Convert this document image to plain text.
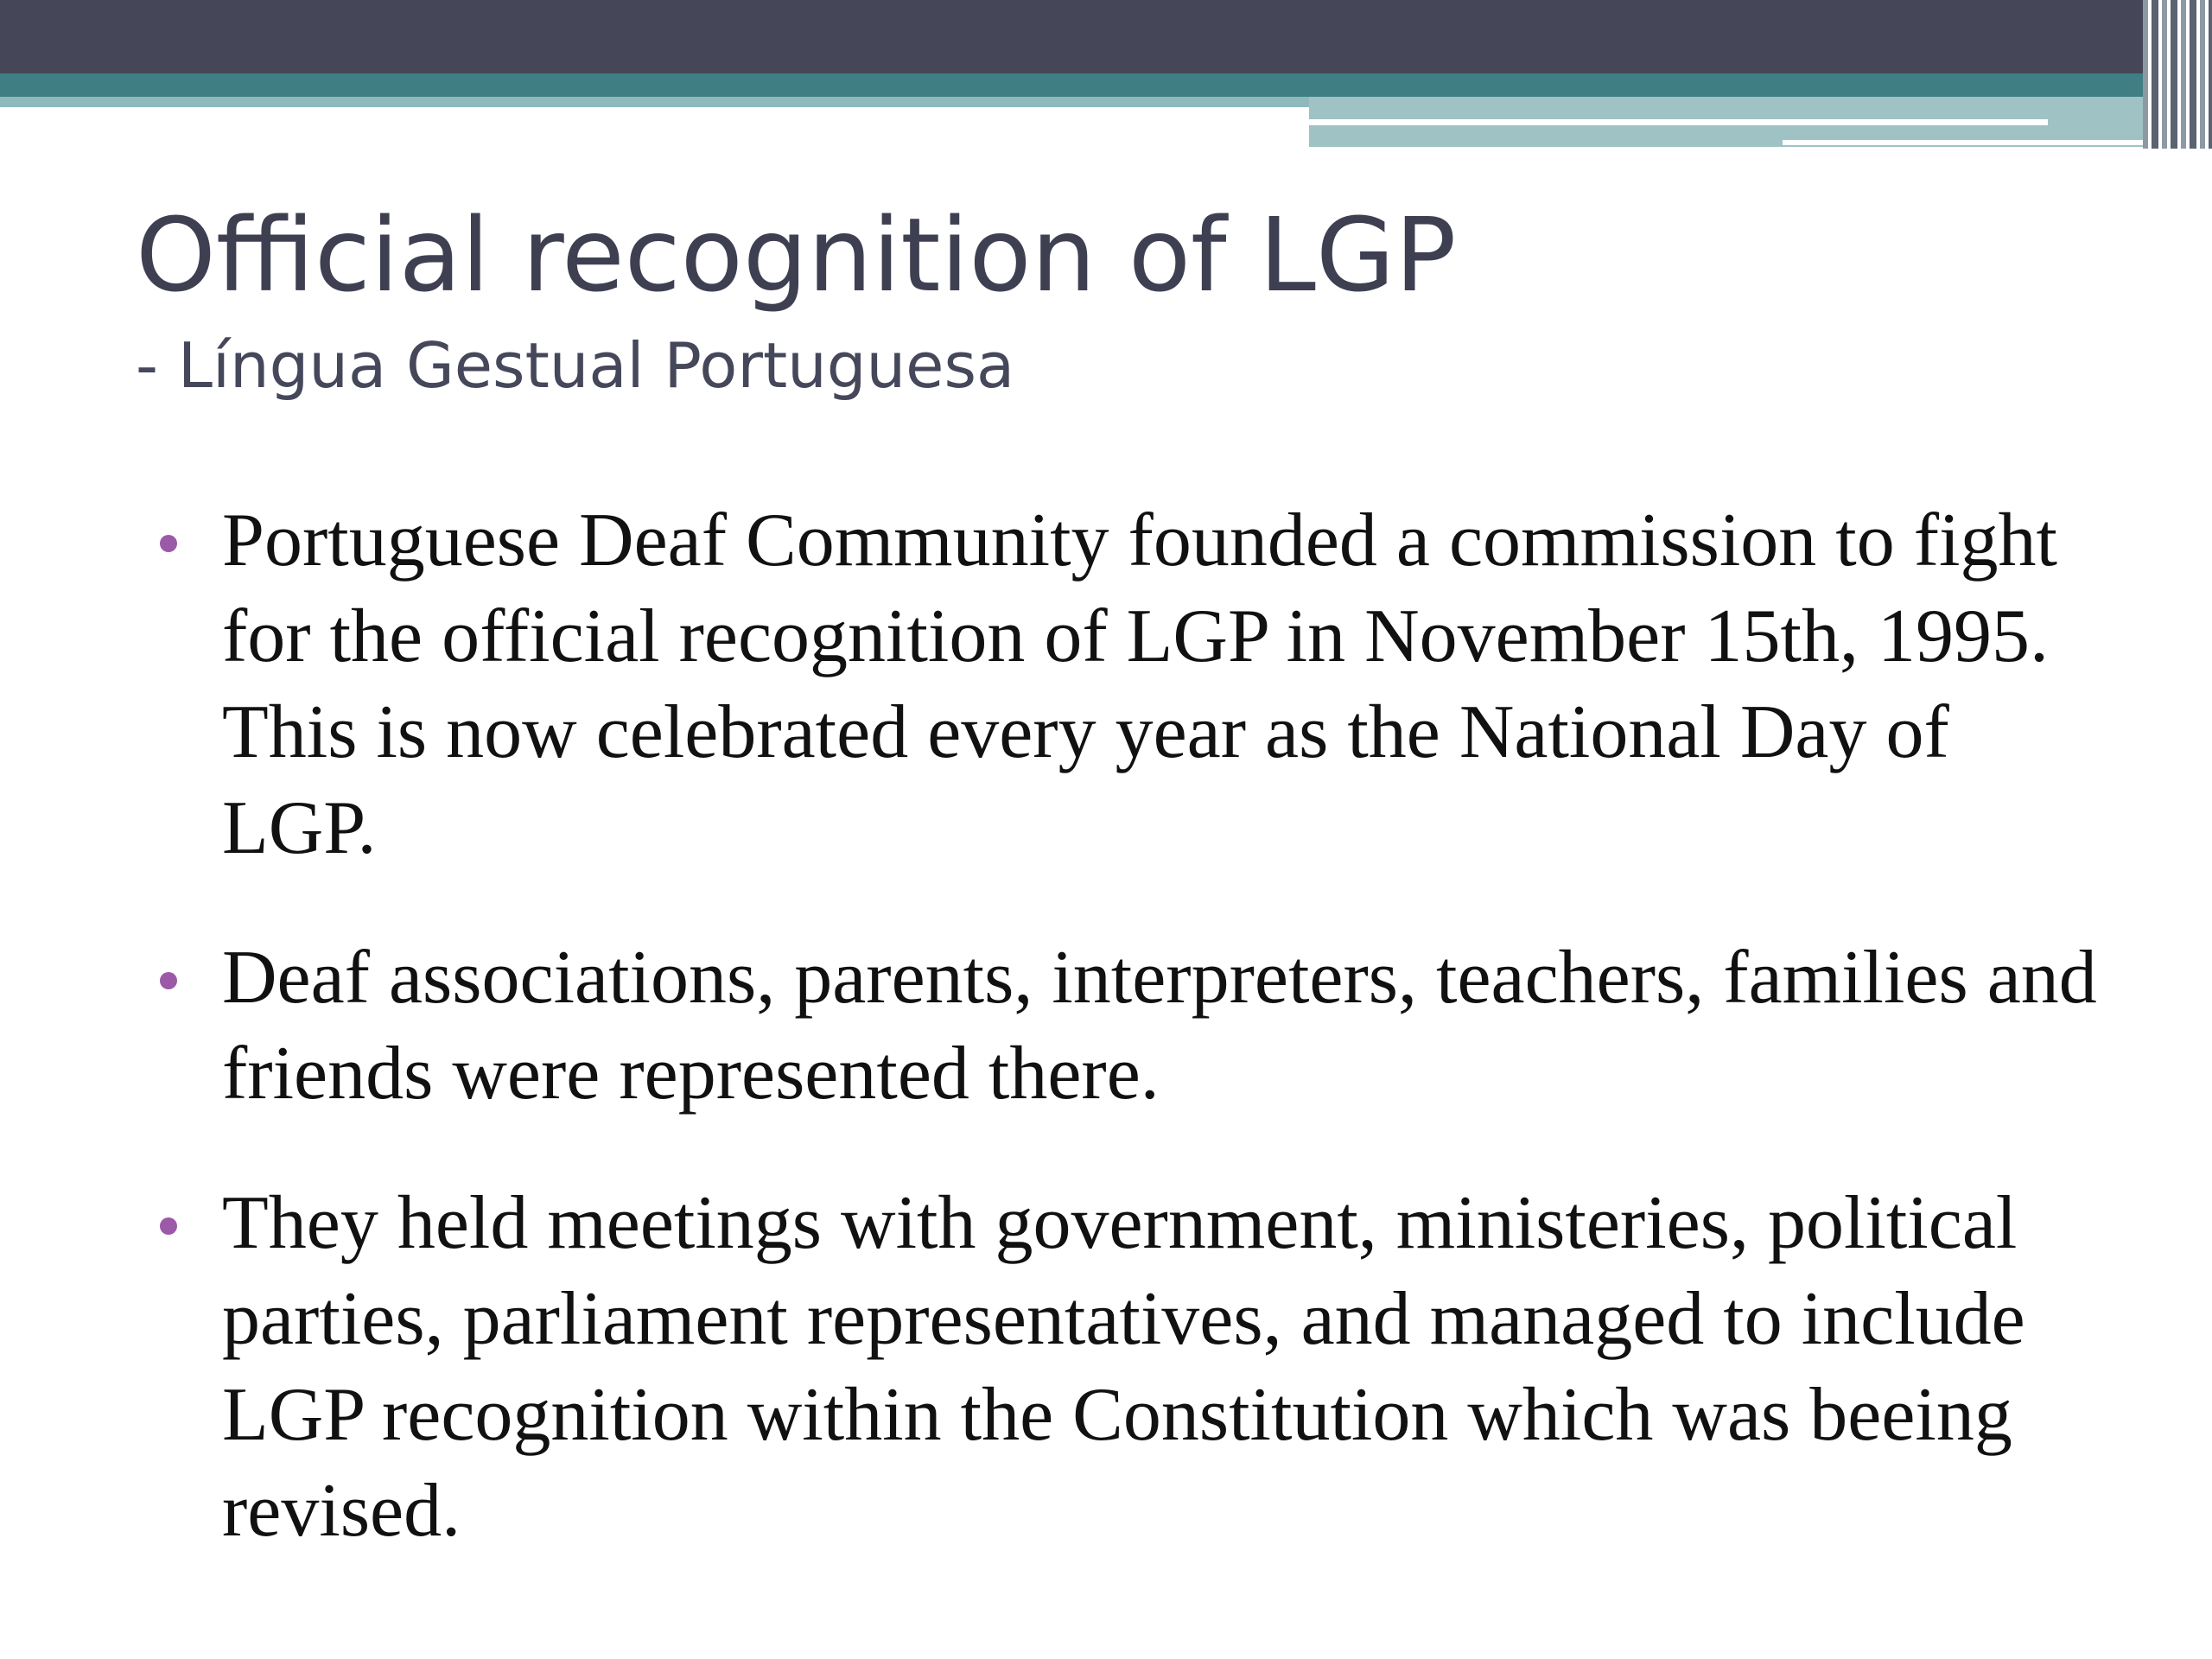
Official recognition of LGP
- Língua Gestual Portuguesa
Portuguese Deaf Community founded a commission to fight for the official recognition of LGP in November 15th, 1995. This is now celebrated every year as the National Day of LGP.
Deaf associations, parents, interpreters, teachers, families and friends were represented there.
They held meetings with government, ministeries, political parties, parliament representatives, and managed to include LGP recognition within the Constitution which was beeing revised.
